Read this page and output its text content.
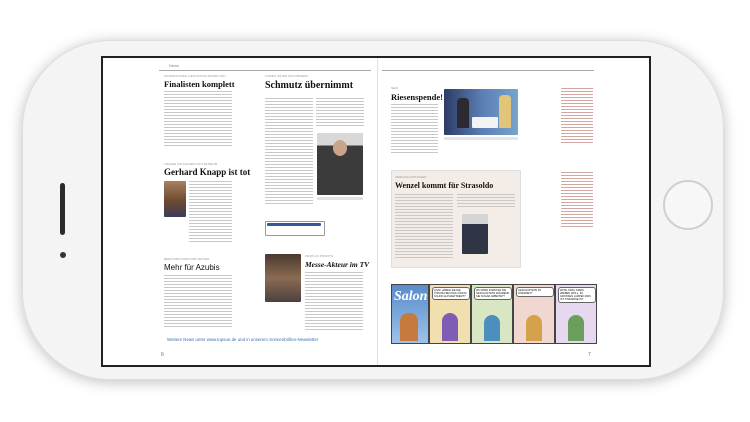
News
INTERNATIONAL INNOVATION AWARD 2017
Finalisten komplett
TRAUER UM JAGNER-TAFT MUSEUM
Gerhard Knapp ist tot
BERUFSBILDUNG/JOB CENTER
Mehr für Azubis
LÖWEN UNTER SICHTBAREM
Schmutz übernimmt
INFOS ZU PROFITS
Messe-Akteur im TV
Weitere News unter www.topsun.de und in unserem Sonnenbrillen-Newsletter
6
NEW
Riesenspende!
VERKAUFLEITUNGEN
Wenzel kommt für Strasoldo
Salon	LISSI: HABEN SIE DIE TOPASIA BEI FRAU KRATZ SCHON ALPHAETISIERT?
WO WIRD DURFTEN SIE GESCHÄFTETE WÄHREND SIE SOGAR ARBEITET?
GESCHÄFTETE IM INTERNET?
WOW, FRAU KREIS WEIBEN WOLL, IM GROSSEN LAMPEN WAS IST STAMPASE IST
7
